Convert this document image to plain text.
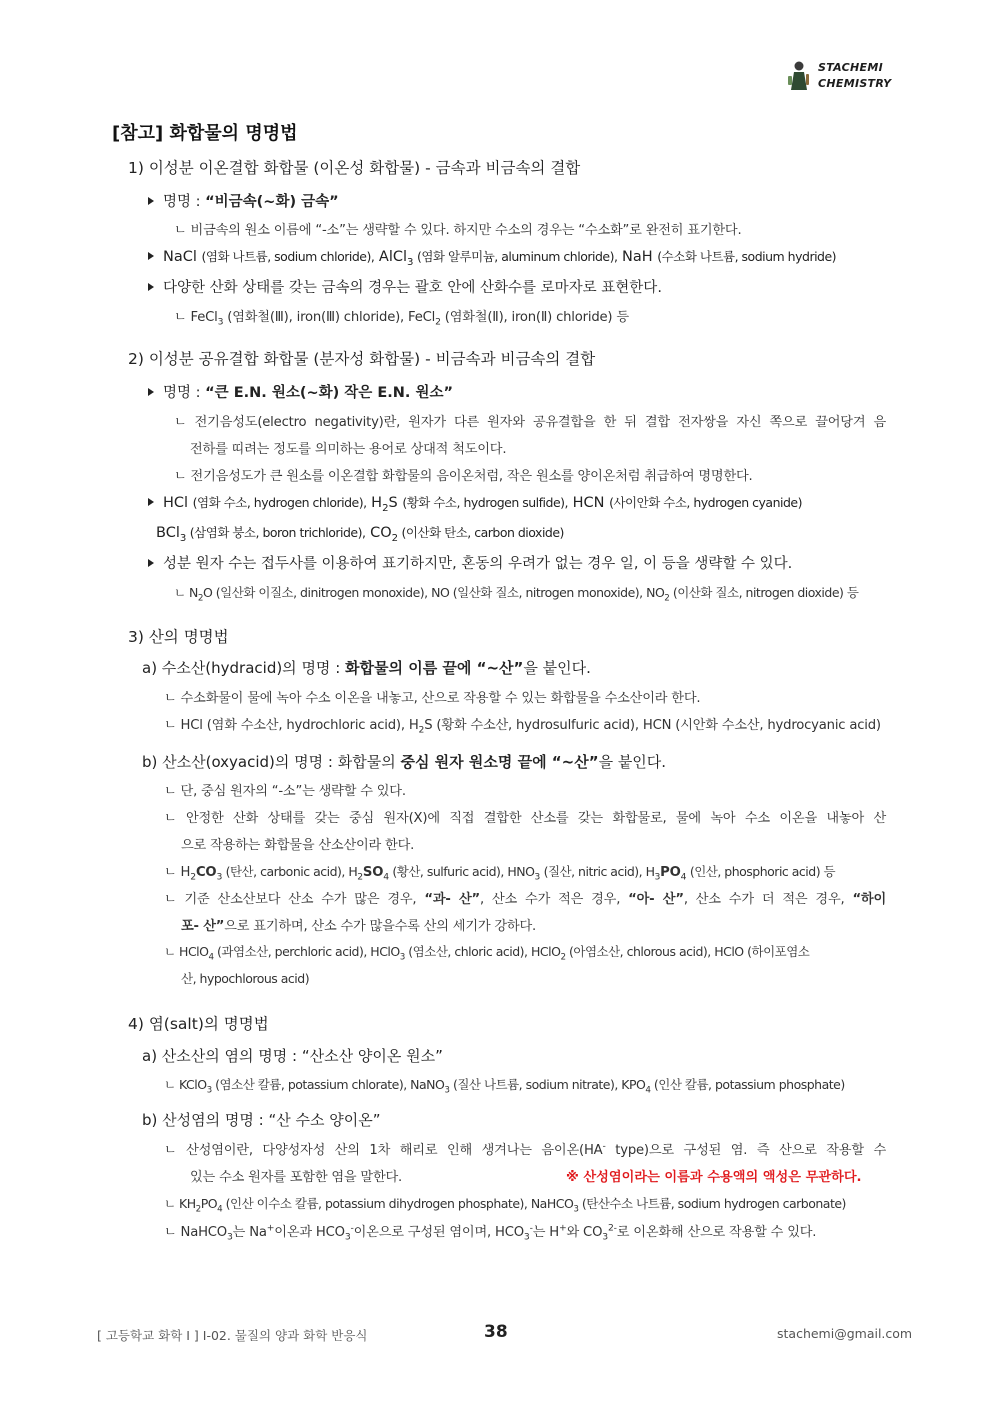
STACHEMI
CHEMISTRY
[참고] 화합물의 명명법
1) 이성분 이온결합 화합물 (이온성 화합물) - 금속과 비금속의 결합
명명 : “비금속(~화) 금속”
ㄴ 비금속의 원소 이름에 “-소”는 생략할 수 있다. 하지만 수소의 경우는 “수소화”로 완전히 표기한다.
NaCl (염화 나트륨, sodium chloride), AlCl$_3$ (염화 알루미늄, aluminum chloride), NaH (수소화 나트륨, sodium hydride)
다양한 산화 상태를 갖는 금속의 경우는 괄호 안에 산화수를 로마자로 표현한다.
ㄴ FeCl$_3$ (염화철(Ⅲ), iron(Ⅲ) chloride), FeCl$_2$ (염화철(Ⅱ), iron(Ⅱ) chloride) 등
2) 이성분 공유결합 화합물 (분자성 화합물) - 비금속과 비금속의 결합
명명 : “큰 E.N. 원소(~화) 작은 E.N. 원소”
ㄴ 전기음성도(electro negativity)란, 원자가 다른 원자와 공유결합을 한 뒤 결합 전자쌍을 자신 쪽으로 끌어당겨 음
전하를 띠려는 정도를 의미하는 용어로 상대적 척도이다.
ㄴ 전기음성도가 큰 원소를 이온결합 화합물의 음이온처럼, 작은 원소를 양이온처럼 취급하여 명명한다.
HCl (염화 수소, hydrogen chloride), $H_2S$ (황화 수소, hydrogen sulfide), HCN (사이안화 수소, hydrogen cyanide)
BCl$_3$ (삼염화 붕소, boron trichloride), $CO_2$ (이산화 탄소, carbon dioxide)
성분 원자 수는 접두사를 이용하여 표기하지만, 혼동의 우려가 없는 경우 일, 이 등을 생략할 수 있다.
ㄴ $N_2O$ (일산화 이질소, dinitrogen monoxide), NO (일산화 질소, nitrogen monoxide), $NO_2$ (이산화 질소, nitrogen dioxide) 등
3) 산의 명명법
a) 수소산(hydracid)의 명명 : 화합물의 이름 끝에 “~산”을 붙인다.
ㄴ 수소화물이 물에 녹아 수소 이온을 내놓고, 산으로 작용할 수 있는 화합물을 수소산이라 한다.
ㄴ HCl (염화 수소산, hydrochloric acid), $H_2S$ (황화 수소산, hydrosulfuric acid), HCN (시안화 수소산, hydrocyanic acid)
b) 산소산(oxyacid)의 명명 : 화합물의 중심 원자 원소명 끝에 “~산”을 붙인다.
ㄴ 단, 중심 원자의 “-소”는 생략할 수 있다.
ㄴ 안정한 산화 상태를 갖는 중심 원자(X)에 직접 결합한 산소를 갖는 화합물로, 물에 녹아 수소 이온을 내놓아 산
으로 작용하는 화합물을 산소산이라 한다.
ㄴ $H_2CO_3$ (탄산, carbonic acid), $H_2SO_4$ (황산, sulfuric acid), $HNO_3$ (질산, nitric acid), $H_3PO_4$ (인산, phosphoric acid) 등
ㄴ 기준 산소산보다 산소 수가 많은 경우, “과- 산”, 산소 수가 적은 경우, “아- 산”, 산소 수가 더 적은 경우, “하이
포- 산”으로 표기하며, 산소 수가 많을수록 산의 세기가 강하다.
ㄴ HClO$_4$ (과염소산, perchloric acid), HClO$_3$ (염소산, chloric acid), HClO$_2$ (아염소산, chlorous acid), HClO (하이포염소
산, hypochlorous acid)
4) 염(salt)의 명명법
a) 산소산의 염의 명명 : “산소산 양이온 원소”
ㄴ KClO$_3$ (염소산 칼륨, potassium chlorate), NaNO$_3$ (질산 나트륨, sodium nitrate), $KPO_4$ (인산 칼륨, potassium phosphate)
b) 산성염의 명명 : “산 수소 양이온”
ㄴ 산성염이란, 다양성자성 산의 1차 해리로 인해 생겨나는 음이온(HA- type)으로 구성된 염. 즉 산으로 작용할 수
있는 수소 원자를 포함한 염을 말한다.	※ 산성염이라는 이름과 수용액의 액성은 무관하다.
ㄴ $KH_2PO_4$ (인산 이수소 칼륨, potassium dihydrogen phosphate), NaHCO$_3$ (탄산수소 나트륨, sodium hydrogen carbonate)
ㄴ NaHCO$_3$는 Na+이온과 $HCO_3^-$이온으로 구성된 염이며, $HCO_3^-$는 H+와 $CO_3^{2-}$로 이온화해 산으로 작용할 수 있다.
[ 고등학교 화학 I ] I-02. 물질의 양과 화학 반응식	38	stachemi@gmail.com
